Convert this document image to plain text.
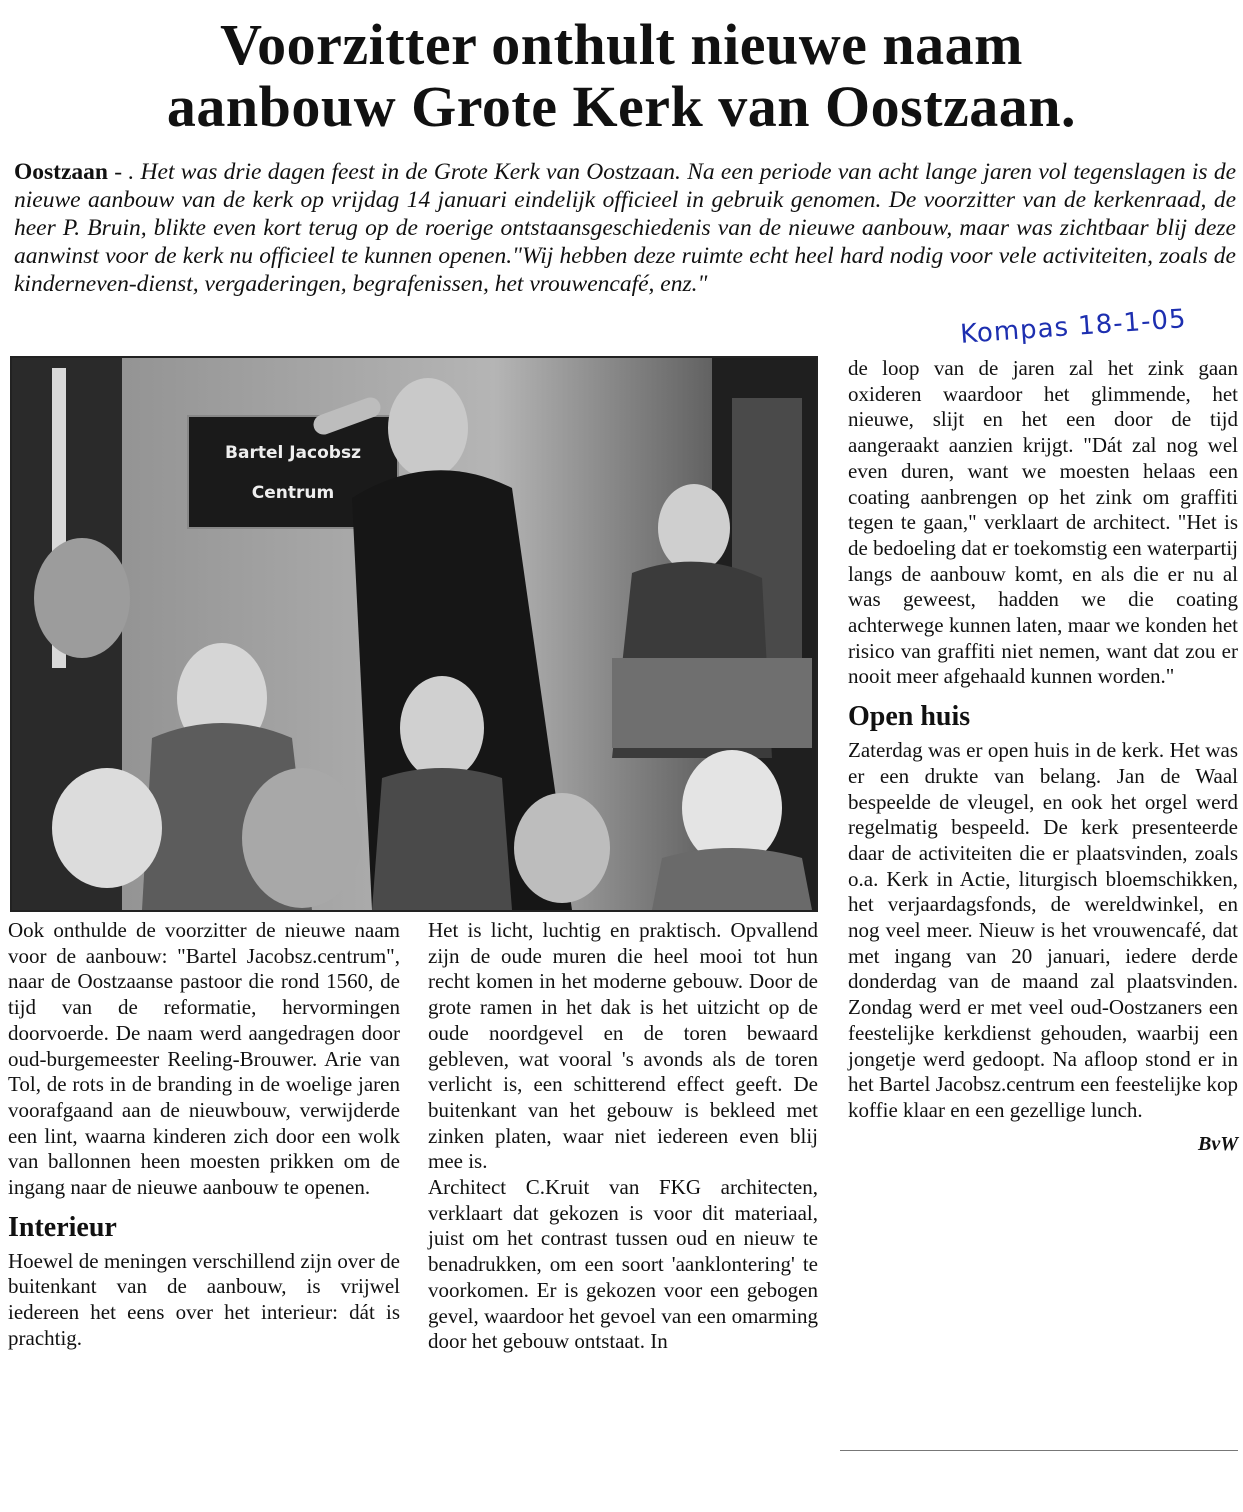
Voorzitter onthult nieuwe naam
aanbouw Grote Kerk van Oostzaan.

Oostzaan - . Het was drie dagen feest in de Grote Kerk van Oostzaan. Na een periode van acht lange jaren vol tegenslagen is de nieuwe aanbouw van de kerk op vrijdag 14 januari eindelijk officieel in gebruik genomen. De voorzitter van de kerkenraad, de heer P. Bruin, blikte even kort terug op de roerige ontstaansgeschiedenis van de nieuwe aanbouw, maar was zichtbaar blij deze aanwinst voor de kerk nu officieel te kunnen openen."Wij hebben deze ruimte echt heel hard nodig voor vele activiteiten, zoals de kinderneven-dienst, vergaderingen, begrafenissen, het vrouwencafé, enz."

Kompas 18-1-05
Bartel Jacobsz
Centrum

Ook onthulde de voorzitter de nieuwe naam voor de aanbouw: "Bartel Jacobsz.centrum", naar de Oostzaanse pastoor die rond 1560, de tijd van de reformatie, hervormingen doorvoerde. De naam werd aangedragen door oud-burgemeester Reeling-Brouwer. Arie van Tol, de rots in de branding in de woelige jaren voorafgaand aan de nieuwbouw, verwijderde een lint, waarna kinderen zich door een wolk van ballonnen heen moesten prikken om de ingang naar de nieuwe aanbouw te openen.

Interieur

Hoewel de meningen verschillend zijn over de buitenkant van de aanbouw, is vrijwel iedereen het eens over het interieur: dát is prachtig.

Het is licht, luchtig en praktisch. Opvallend zijn de oude muren die heel mooi tot hun recht komen in het moderne gebouw. Door de grote ramen in het dak is het uitzicht op de oude noordgevel en de toren bewaard gebleven, wat vooral 's avonds als de toren verlicht is, een schitterend effect geeft. De buitenkant van het gebouw is bekleed met zinken platen, waar niet iedereen even blij mee is.

Architect C.Kruit van FKG architecten, verklaart dat gekozen is voor dit materiaal, juist om het contrast tussen oud en nieuw te benadrukken, om een soort 'aanklontering' te voorkomen. Er is gekozen voor een gebogen gevel, waardoor het gevoel van een omarming door het gebouw ontstaat. In

de loop van de jaren zal het zink gaan oxideren waardoor het glimmende, het nieuwe, slijt en het een door de tijd aangeraakt aanzien krijgt. "Dát zal nog wel even duren, want we moesten helaas een coating aanbrengen op het zink om graffiti tegen te gaan," verklaart de architect. "Het is de bedoeling dat er toekomstig een waterpartij langs de aanbouw komt, en als die er nu al was geweest, hadden we die coating achterwege kunnen laten, maar we konden het risico van graffiti niet nemen, want dat zou er nooit meer afgehaald kunnen worden."

Open huis

Zaterdag was er open huis in de kerk. Het was er een drukte van belang. Jan de Waal bespeelde de vleugel, en ook het orgel werd regelmatig bespeeld. De kerk presenteerde daar de activiteiten die er plaatsvinden, zoals o.a. Kerk in Actie, liturgisch bloemschikken, het verjaardagsfonds, de wereldwinkel, en nog veel meer. Nieuw is het vrouwencafé, dat met ingang van 20 januari, iedere derde donderdag van de maand zal plaatsvinden. Zondag werd er met veel oud-Oostzaners een feestelijke kerkdienst gehouden, waarbij een jongetje werd gedoopt. Na afloop stond er in het Bartel Jacobsz.centrum een feestelijke kop koffie klaar en een gezellige lunch.

BvW
